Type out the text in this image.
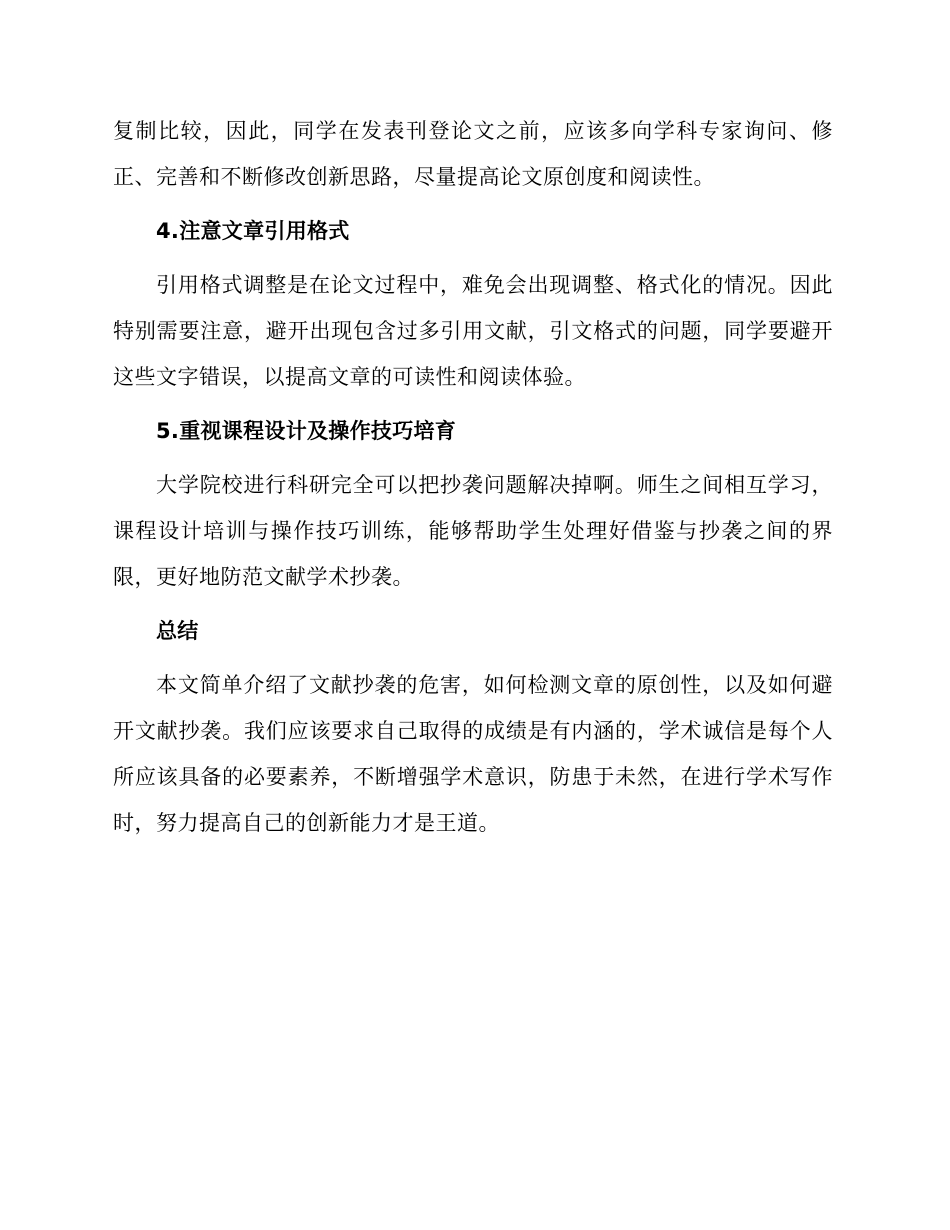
复制比较，因此，同学在发表刊登论文之前，应该多向学科专家询问、修正、完善和不断修改创新思路，尽量提高论文原创度和阅读性。

4.注意文章引用格式

引用格式调整是在论文过程中，难免会出现调整、格式化的情况。因此特别需要注意，避开出现包含过多引用文献，引文格式的问题，同学要避开这些文字错误，以提高文章的可读性和阅读体验。

5.重视课程设计及操作技巧培育

大学院校进行科研完全可以把抄袭问题解决掉啊。师生之间相互学习，课程设计培训与操作技巧训练，能够帮助学生处理好借鉴与抄袭之间的界限，更好地防范文献学术抄袭。

总结

本文简单介绍了文献抄袭的危害，如何检测文章的原创性，以及如何避开文献抄袭。我们应该要求自己取得的成绩是有内涵的，学术诚信是每个人所应该具备的必要素养，不断增强学术意识，防患于未然，在进行学术写作时，努力提高自己的创新能力才是王道。
